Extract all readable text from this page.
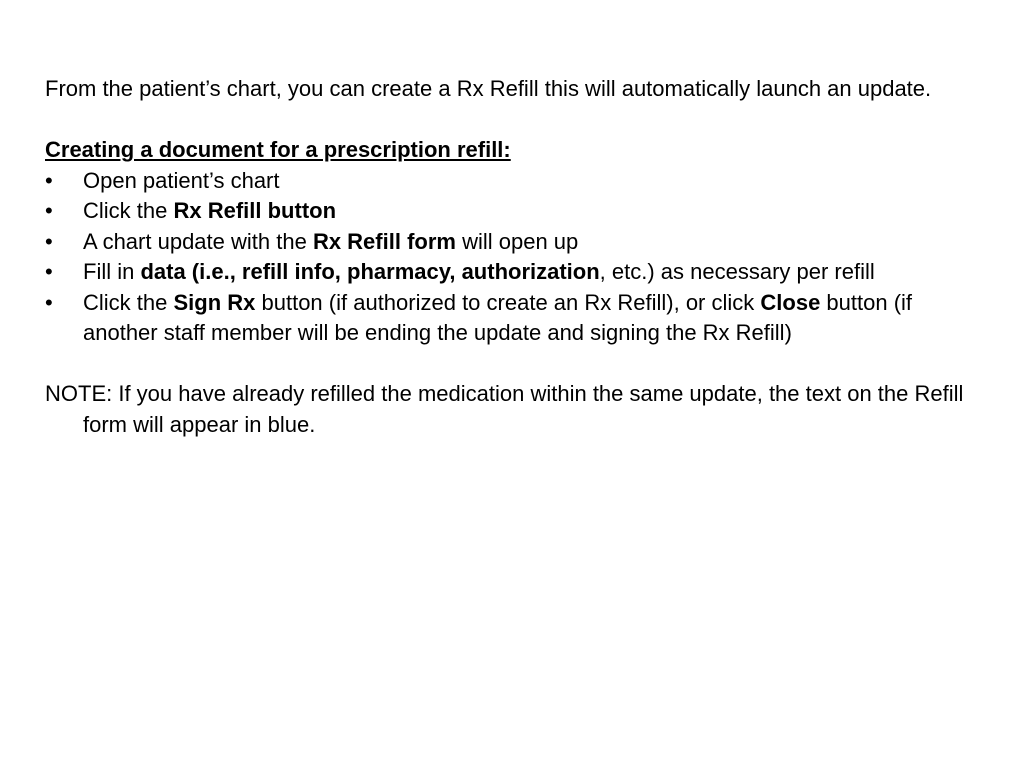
From the patient’s chart, you can create a Rx Refill this will automatically launch an update.

Creating a document for a prescription refill:

• Open patient’s chart
• Click the Rx Refill button
• A chart update with the Rx Refill form will open up
• Fill in data (i.e., refill info, pharmacy, authorization, etc.) as necessary per refill
• Click the Sign Rx button (if authorized to create an Rx Refill), or click Close button (if another staff member will be ending the update and signing the Rx Refill)

NOTE: If you have already refilled the medication within the same update, the text on the Refill form will appear in blue.
